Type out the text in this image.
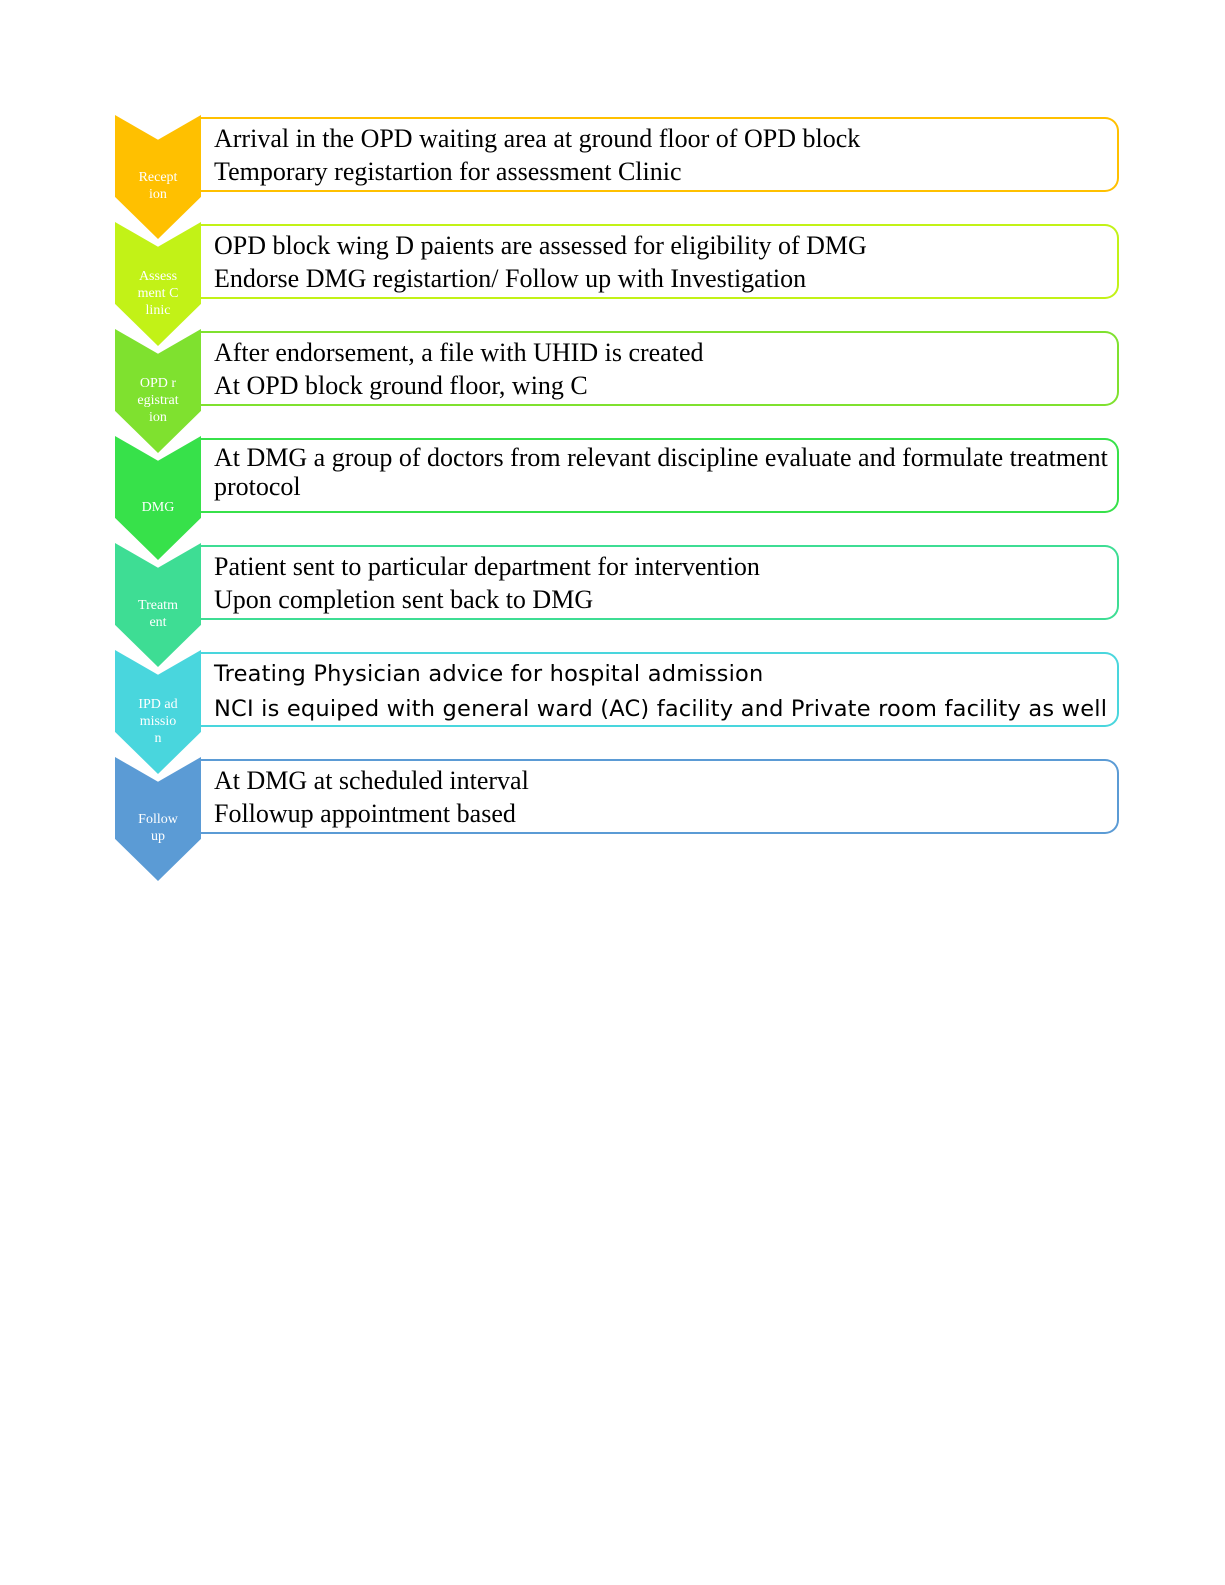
Reception
Arrival in the OPD waiting area at ground floor of OPD block
Temporary registartion for assessment Clinic
Assessment Clinic
OPD block wing D paients are assessed for eligibility of DMG
Endorse DMG registartion/ Follow up with Investigation
OPD registration
After endorsement, a file with UHID is created
At OPD block ground floor, wing C
DMG
At DMG a group of doctors from relevant discipline evaluate and formulate treatment protocol
Treatment
Patient sent to particular department for intervention
Upon completion sent back to DMG
IPD admission
Treating Physician advice for hospital admission
NCI is equiped with general ward (AC) facility and Private room facility as well
Follow up
At DMG at scheduled interval
Followup appointment based
